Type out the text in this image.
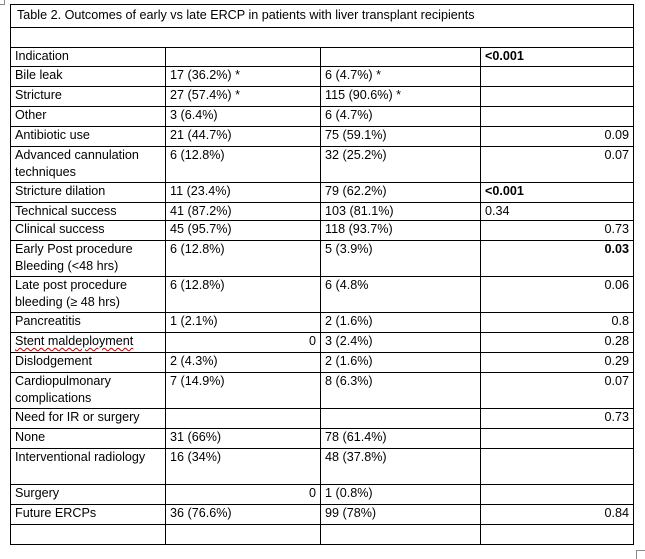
Table 2. Outcomes of early vs late ERCP in patients with liver transplant recipients			

Indication			<0.001
Bile leak	17 (36.2%) *	6 (4.7%) *	
Stricture	27 (57.4%) *	115 (90.6%) *	
Other	3 (6.4%)	6 (4.7%)	
Antibiotic use	21 (44.7%)	75 (59.1%)	0.09
Advanced cannulation techniques	6 (12.8%)	32 (25.2%)	0.07
Stricture dilation	11 (23.4%)	79 (62.2%)	<0.001
Technical success	41 (87.2%)	103 (81.1%)	0.34
Clinical success	45 (95.7%)	118 (93.7%)	0.73
Early Post procedure Bleeding (<48 hrs)	6 (12.8%)	5 (3.9%)	0.03
Late post procedure bleeding (≥ 48 hrs)	6 (12.8%)	6 (4.8%	0.06
Pancreatitis	1 (2.1%)	2 (1.6%)	0.8
Stent maldeployment	0	3 (2.4%)	0.28
Dislodgement	2 (4.3%)	2 (1.6%)	0.29
Cardiopulmonary complications	7 (14.9%)	8 (6.3%)	0.07
Need for IR or surgery			0.73
None	31 (66%)	78 (61.4%)	
Interventional radiology	16 (34%)	48 (37.8%)	
Surgery	0	1 (0.8%)	
Future ERCPs	36 (76.6%)	99 (78%)	0.84
